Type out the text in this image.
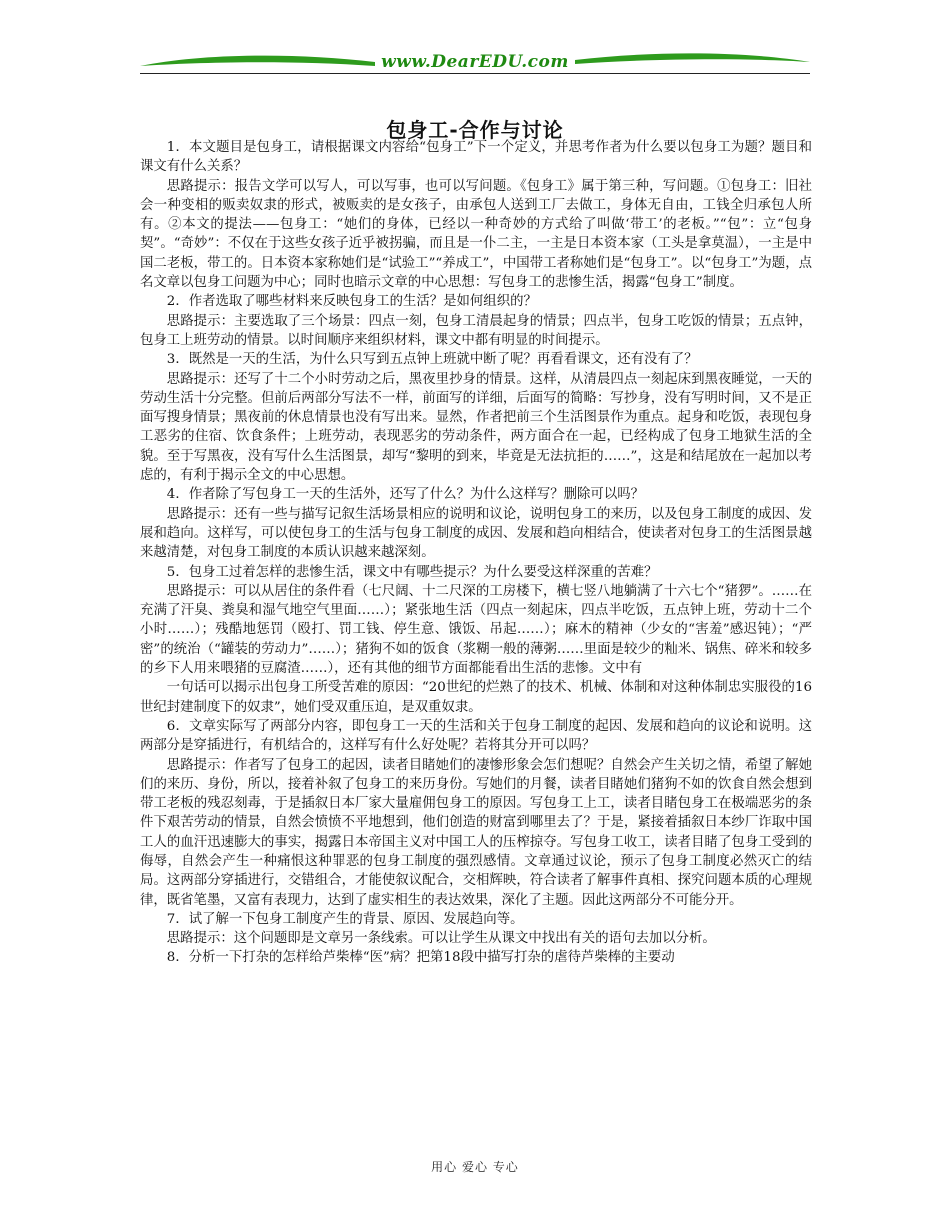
www.DearEDU.com
包身工-合作与讨论

1．本文题目是包身工，请根据课文内容给“包身工”下一个定义，并思考作者为什么要以包身工为题？题目和课文有什么关系？

思路提示：报告文学可以写人，可以写事，也可以写问题。《包身工》属于第三种，写问题。①包身工：旧社会一种变相的贩卖奴隶的形式，被贩卖的是女孩子，由承包人送到工厂去做工，身体无自由，工钱全归承包人所有。②本文的提法——包身工：“她们的身体，已经以一种奇妙的方式给了叫做‘带工’的老板。”“包”：立“包身契”。“奇妙”：不仅在于这些女孩子近乎被拐骗，而且是一仆二主，一主是日本资本家（工头是拿莫温），一主是中国二老板，带工的。日本资本家称她们是“试验工”“养成工”，中国带工者称她们是“包身工”。以“包身工”为题，点名文章以包身工问题为中心；同时也暗示文章的中心思想：写包身工的悲惨生活，揭露“包身工”制度。

2．作者选取了哪些材料来反映包身工的生活？是如何组织的？

思路提示：主要选取了三个场景：四点一刻，包身工清晨起身的情景；四点半，包身工吃饭的情景；五点钟，包身工上班劳动的情景。以时间顺序来组织材料，课文中都有明显的时间提示。

3．既然是一天的生活，为什么只写到五点钟上班就中断了呢？再看看课文，还有没有了？

思路提示：还写了十二个小时劳动之后，黑夜里抄身的情景。这样，从清晨四点一刻起床到黑夜睡觉，一天的劳动生活十分完整。但前后两部分写法不一样，前面写的详细，后面写的简略：写抄身，没有写明时间，又不是正面写搜身情景；黑夜前的休息情景也没有写出来。显然，作者把前三个生活图景作为重点。起身和吃饭，表现包身工恶劣的住宿、饮食条件；上班劳动，表现恶劣的劳动条件，两方面合在一起，已经构成了包身工地狱生活的全貌。至于写黑夜，没有写什么生活图景，却写“黎明的到来，毕竟是无法抗拒的……”，这是和结尾放在一起加以考虑的，有利于揭示全文的中心思想。

4．作者除了写包身工一天的生活外，还写了什么？为什么这样写？删除可以吗？

思路提示：还有一些与描写记叙生活场景相应的说明和议论，说明包身工的来历，以及包身工制度的成因、发展和趋向。这样写，可以使包身工的生活与包身工制度的成因、发展和趋向相结合，使读者对包身工的生活图景越来越清楚，对包身工制度的本质认识越来越深刻。

5．包身工过着怎样的悲惨生活，课文中有哪些提示？为什么要受这样深重的苦难？

思路提示：可以从居住的条件看（七尺阔、十二尺深的工房楼下，横七竖八地躺满了十六七个“猪猡”。……在充满了汗臭、粪臭和湿气地空气里面……）；紧张地生活（四点一刻起床，四点半吃饭，五点钟上班，劳动十二个小时……）；残酷地惩罚（殴打、罚工钱、停生意、饿饭、吊起……）；麻木的精神（少女的“害羞”感迟钝）；“严密”的统治（“罐装的劳动力”……）；猪狗不如的饭食（浆糊一般的薄粥……里面是较少的籼米、锅焦、碎米和较多的乡下人用来喂猪的豆腐渣……），还有其他的细节方面都能看出生活的悲惨。文中有

一句话可以揭示出包身工所受苦难的原因：“20世纪的烂熟了的技术、机械、体制和对这种体制忠实服役的16世纪封建制度下的奴隶”，她们受双重压迫，是双重奴隶。

6．文章实际写了两部分内容，即包身工一天的生活和关于包身工制度的起因、发展和趋向的议论和说明。这两部分是穿插进行，有机结合的，这样写有什么好处呢？若将其分开可以吗？

思路提示：作者写了包身工的起因，读者目睹她们的凄惨形象会怎们想呢？自然会产生关切之情，希望了解她们的来历、身份，所以，接着补叙了包身工的来历身份。写她们的月餐，读者目睹她们猪狗不如的饮食自然会想到带工老板的残忍刻毒，于是插叙日本厂家大量雇佣包身工的原因。写包身工上工，读者目睹包身工在极端恶劣的条件下艰苦劳动的情景，自然会愤愤不平地想到，他们创造的财富到哪里去了？于是，紧接着插叙日本纱厂诈取中国工人的血汗迅速膨大的事实，揭露日本帝国主义对中国工人的压榨掠夺。写包身工收工，读者目睹了包身工受到的侮辱，自然会产生一种痛恨这种罪恶的包身工制度的强烈感情。文章通过议论，预示了包身工制度必然灭亡的结局。这两部分穿插进行，交错组合，才能使叙议配合，交相辉映，符合读者了解事件真相、探究问题本质的心理规律，既省笔墨，又富有表现力，达到了虚实相生的表达效果，深化了主题。因此这两部分不可能分开。

7．试了解一下包身工制度产生的背景、原因、发展趋向等。

思路提示：这个问题即是文章另一条线索。可以让学生从课文中找出有关的语句去加以分析。

8．分析一下打杂的怎样给芦柴棒“医”病？把第18段中描写打杂的虐待芦柴棒的主要动

用心 爱心 专心
